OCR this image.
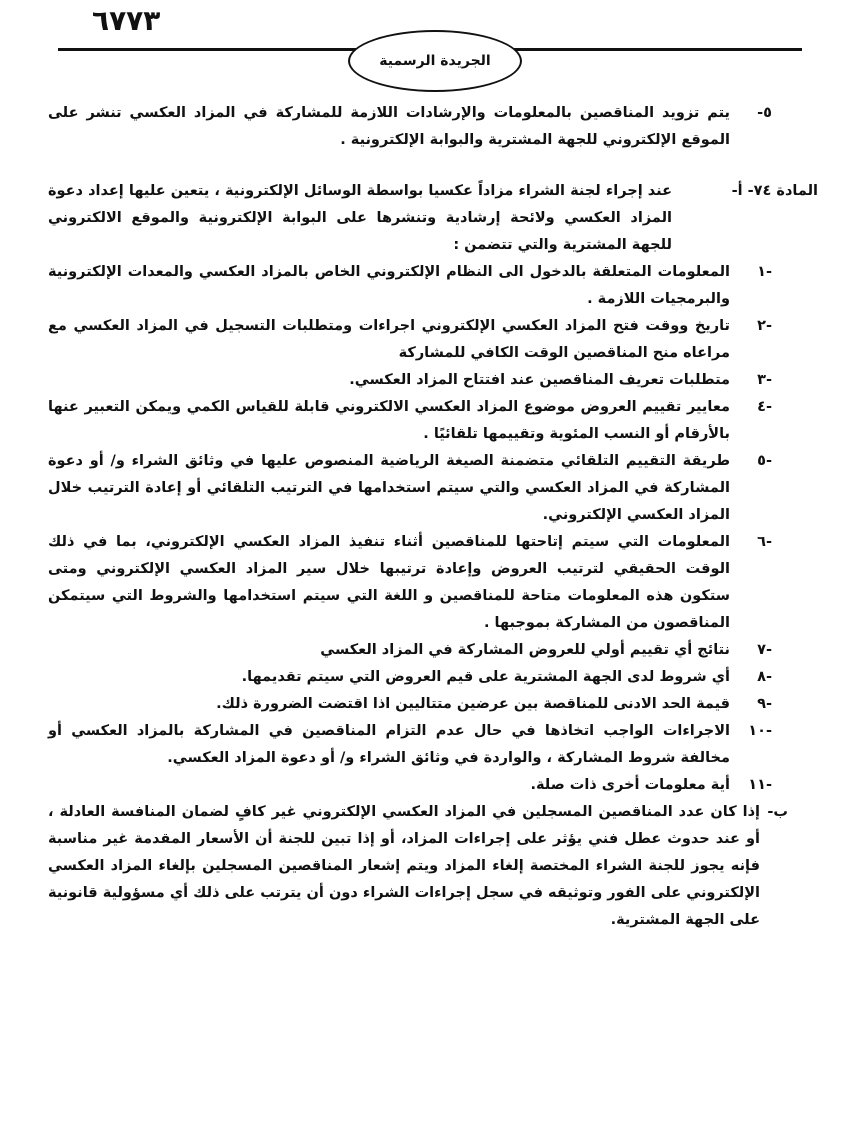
٦٧٧٣
الجريدة الرسمية
٥-
يتم تزويد المناقصين بالمعلومات والإرشادات اللازمة للمشاركة في المزاد العكسي تنشر على الموقع الإلكتروني للجهة المشترية والبوابة الإلكترونية .
المادة ٧٤- أ-
عند إجراء لجنة الشراء مزاداً عكسيا بواسطة الوسائل الإلكترونية ، يتعين عليها إعداد دعوة المزاد العكسي ولائحة إرشادية وتنشرها على البوابة الإلكترونية والموقع الالكتروني للجهة المشترية والتي تتضمن :
-١
المعلومات المتعلقة بالدخول الى النظام الإلكتروني الخاص بالمزاد العكسي والمعدات الإلكترونية والبرمجيات اللازمة .
-٢
تاريخ ووقت فتح المزاد العكسي الإلكتروني اجراءات ومتطلبات التسجيل في المزاد العكسي مع مراعاه منح المناقصين الوقت الكافي للمشاركة
-٣
متطلبات تعريف المناقصين عند افتتاح المزاد العكسي.
-٤
معايير تقييم العروض موضوع المزاد العكسي الالكتروني قابلة للقياس الكمي ويمكن التعبير عنها بالأرقام أو النسب المئوية وتقييمها تلقائيًا .
-٥
طريقة التقييم التلقائي متضمنة الصيغة الرياضية المنصوص عليها في وثائق الشراء و/ أو دعوة المشاركة في المزاد العكسي والتي سيتم استخدامها في الترتيب التلقائي أو إعادة الترتيب خلال المزاد العكسي الإلكتروني.
-٦
المعلومات التي سيتم إتاحتها للمناقصين أثناء تنفيذ المزاد العكسي الإلكتروني، بما في ذلك الوقت الحقيقي لترتيب العروض وإعادة ترتيبها خلال سير المزاد العكسي الإلكتروني ومتى ستكون هذه المعلومات متاحة للمناقصين و اللغة التي سيتم استخدامها والشروط التي سيتمكن المناقصون من المشاركة بموجبها .
-٧
نتائج أي تقييم أولي للعروض المشاركة في المزاد العكسي
-٨
أي شروط لدى الجهة المشترية على قيم العروض التي سيتم تقديمها.
-٩
قيمة الحد الادنى للمناقصة بين عرضين متتاليين اذا اقتضت الضرورة ذلك.
-١٠
الاجراءات الواجب اتخاذها في حال عدم التزام المناقصين في المشاركة بالمزاد العكسي أو مخالفة شروط المشاركة ، والواردة في وثائق الشراء و/ أو دعوة المزاد العكسي.
-١١
أية معلومات أخرى ذات صلة.
ب-
إذا كان عدد المناقصين المسجلين في المزاد العكسي الإلكتروني غير كافٍ لضمان المنافسة العادلة ، أو عند حدوث عطل فني يؤثر على إجراءات المزاد، أو إذا تبين للجنة أن الأسعار المقدمة غير مناسبة فإنه يجوز للجنة الشراء المختصة إلغاء المزاد ويتم إشعار المناقصين المسجلين بإلغاء المزاد العكسي الإلكتروني على الفور وتوثيقه في سجل إجراءات الشراء دون أن يترتب على ذلك أي مسؤولية قانونية على الجهة المشترية.
